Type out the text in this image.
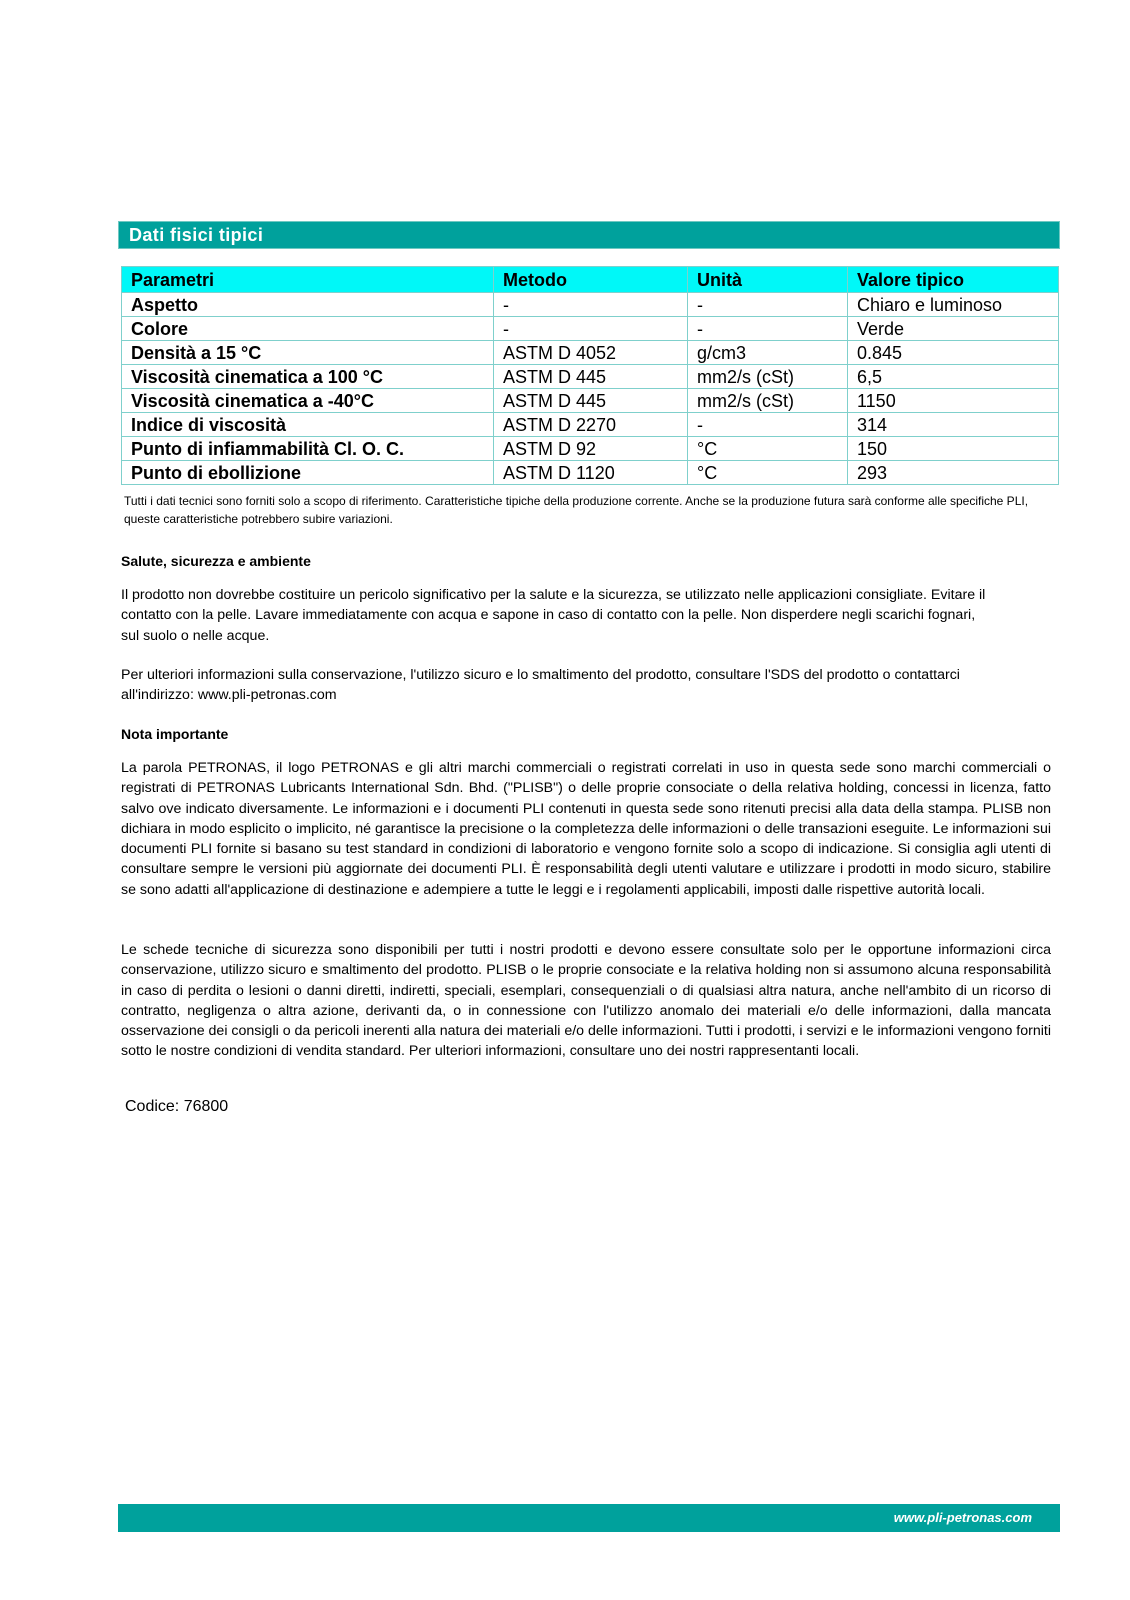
Dati fisici tipici
Parametri	Metodo	Unità	Valore tipico
Aspetto	-	-	Chiaro e luminoso
Colore	-	-	Verde
Densità a 15 °C	ASTM D 4052	g/cm3	0.845
Viscosità cinematica a 100 °C	ASTM D 445	mm2/s (cSt)	6,5
Viscosità cinematica a -40°C	ASTM D 445	mm2/s (cSt)	1150
Indice di viscosità	ASTM D 2270	-	314
Punto di infiammabilità Cl. O. C.	ASTM D 92	°C	150
Punto di ebollizione	ASTM D 1120	°C	293
Tutti i dati tecnici sono forniti solo a scopo di riferimento. Caratteristiche tipiche della produzione corrente. Anche se la produzione futura sarà conforme alle specifiche PLI, queste caratteristiche potrebbero subire variazioni.
Salute, sicurezza e ambiente
Il prodotto non dovrebbe costituire un pericolo significativo per la salute e la sicurezza, se utilizzato nelle applicazioni consigliate. Evitare il contatto con la pelle. Lavare immediatamente con acqua e sapone in caso di contatto con la pelle. Non disperdere negli scarichi fognari, sul suolo o nelle acque.
Per ulteriori informazioni sulla conservazione, l'utilizzo sicuro e lo smaltimento del prodotto, consultare l'SDS del prodotto o contattarci all'indirizzo: www.pli-petronas.com
Nota importante
La parola PETRONAS, il logo PETRONAS e gli altri marchi commerciali o registrati correlati in uso in questa sede sono marchi commerciali o registrati di PETRONAS Lubricants International Sdn. Bhd. ("PLISB") o delle proprie consociate o della relativa holding, concessi in licenza, fatto salvo ove indicato diversamente. Le informazioni e i documenti PLI contenuti in questa sede sono ritenuti precisi alla data della stampa. PLISB non dichiara in modo esplicito o implicito, né garantisce la precisione o la completezza delle informazioni o delle transazioni eseguite. Le informazioni sui documenti PLI fornite si basano su test standard in condizioni di laboratorio e vengono fornite solo a scopo di indicazione. Si consiglia agli utenti di consultare sempre le versioni più aggiornate dei documenti PLI. È responsabilità degli utenti valutare e utilizzare i prodotti in modo sicuro, stabilire se sono adatti all'applicazione di destinazione e adempiere a tutte le leggi e i regolamenti applicabili, imposti dalle rispettive autorità locali.
Le schede tecniche di sicurezza sono disponibili per tutti i nostri prodotti e devono essere consultate solo per le opportune informazioni circa conservazione, utilizzo sicuro e smaltimento del prodotto. PLISB o le proprie consociate e la relativa holding non si assumono alcuna responsabilità in caso di perdita o lesioni o danni diretti, indiretti, speciali, esemplari, consequenziali o di qualsiasi altra natura, anche nell'ambito di un ricorso di contratto, negligenza o altra azione, derivanti da, o in connessione con l'utilizzo anomalo dei materiali e/o delle informazioni, dalla mancata osservazione dei consigli o da pericoli inerenti alla natura dei materiali e/o delle informazioni. Tutti i prodotti, i servizi e le informazioni vengono forniti sotto le nostre condizioni di vendita standard. Per ulteriori informazioni, consultare uno dei nostri rappresentanti locali.
Codice: 76800
www.pli-petronas.com
